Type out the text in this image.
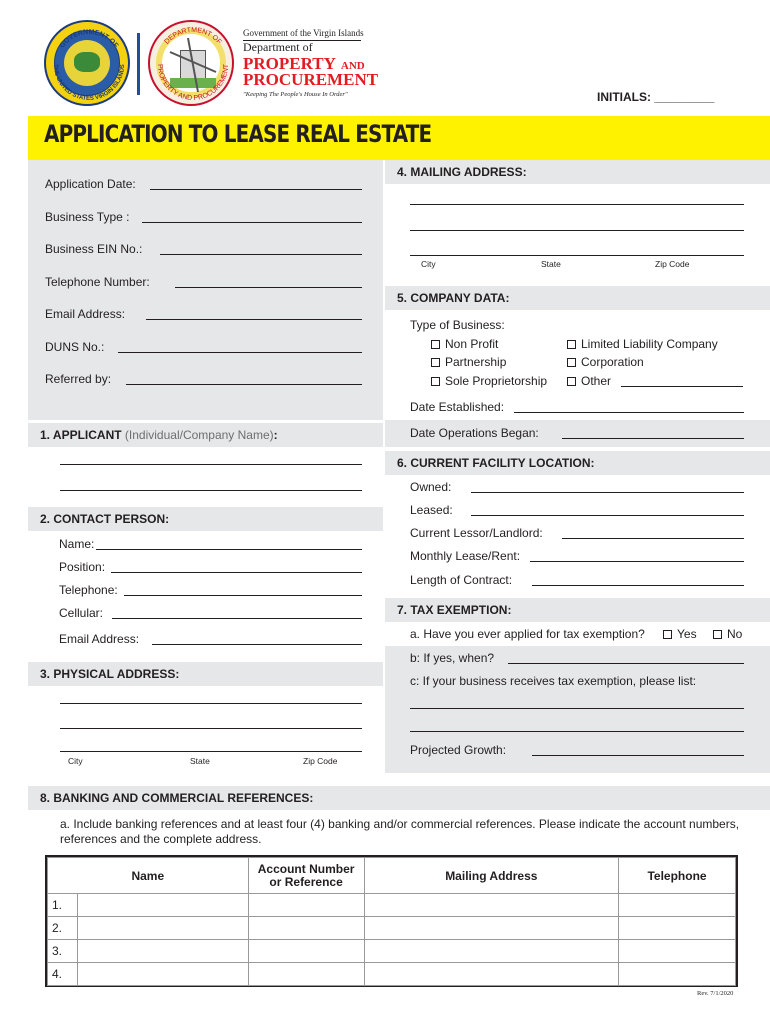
GOVERNMENT OF
THE UNITED STATES VIRGIN ISLANDS
DEPARTMENT OF
PROPERTY AND PROCUREMENT
Government of the Virgin Islands
Department of
PROPERTY AND
PROCUREMENT
"Keeping The People's House In Order"	INITIALS: _________
APPLICATION TO LEASE REAL ESTATE
Application Date:
Business Type :
Business EIN No.:
Telephone Number:
Email Address:
DUNS No.:
Referred by:
1. APPLICANT
(Individual/Company Name) :
2. CONTACT PERSON:
Name:
Position:
Telephone:
Cellular:
Email Address:
3. PHYSICAL ADDRESS:
City	State	Zip Code
4. MAILING ADDRESS:
City	State	Zip Code
5. COMPANY DATA:
Type of Business:
Non Profit
Partnership
Sole Proprietorship
Limited Liability Company
Corporation
Other
Date Established:
Date Operations Began:
6. CURRENT FACILITY LOCATION:
Owned:
Leased:
Current Lessor/Landlord:
Monthly Lease/Rent:
Length of Contract:
7. TAX EXEMPTION:
a. Have you ever applied for tax exemption?	Yes	No
b: If yes, when?
c: If your business receives tax exemption, please list:
Projected Growth:
8. BANKING AND COMMERCIAL REFERENCES:
a. Include banking references and at least four (4) banking and/or commercial references. Please indicate the account numbers, references and the complete address.
Name		Account Number or Reference	Mailing Address	Telephone
1.				
2.				
3.				
4.				
Rev. 7/1/2020
